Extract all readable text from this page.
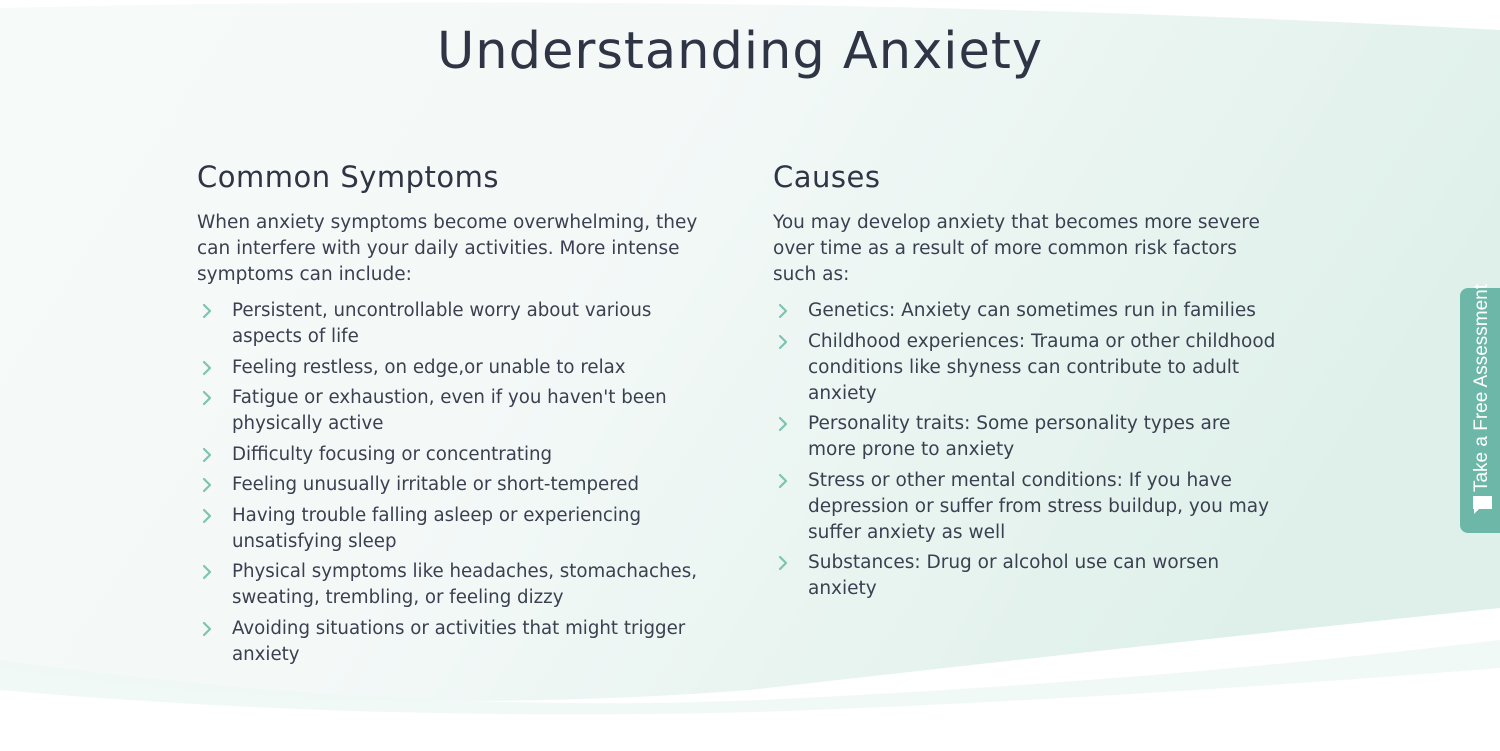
Understanding Anxiety
Common Symptoms

When anxiety symptoms become overwhelming, they can interfere with your daily activities. More intense symptoms can include:

Persistent, uncontrollable worry about various aspects of life
Feeling restless, on edge,or unable to relax
Fatigue or exhaustion, even if you haven't been physically active
Difficulty focusing or concentrating
Feeling unusually irritable or short-tempered
Having trouble falling asleep or experiencing unsatisfying sleep
Physical symptoms like headaches, stomachaches, sweating, trembling, or feeling dizzy
Avoiding situations or activities that might trigger anxiety
Causes

You may develop anxiety that becomes more severe over time as a result of more common risk factors such as:

Genetics: Anxiety can sometimes run in families
Childhood experiences: Trauma or other childhood conditions like shyness can contribute to adult anxiety
Personality traits: Some personality types are more prone to anxiety
Stress or other mental conditions: If you have depression or suffer from stress buildup, you may suffer anxiety as well
Substances: Drug or alcohol use can worsen anxiety
Take a Free Assessment
